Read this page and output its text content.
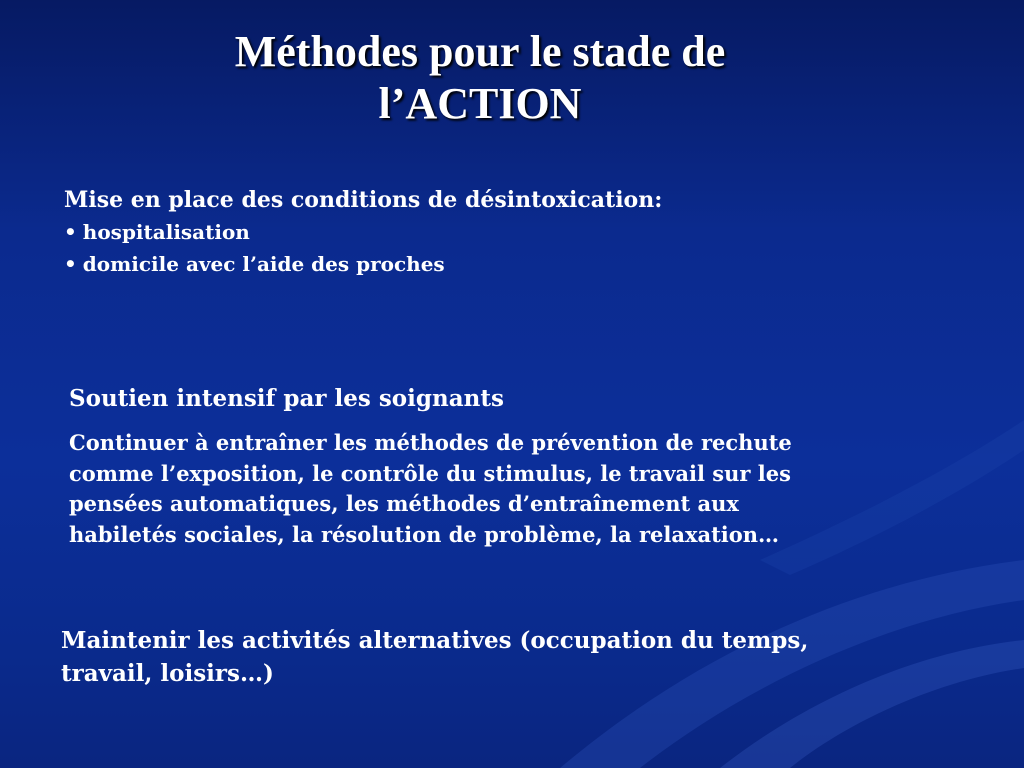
Méthodes pour le stade de
l’ACTION
Mise en place des conditions de désintoxication:
• hospitalisation
• domicile avec l’aide des proches
Soutien intensif par les soignants
Continuer à entraîner les méthodes de prévention de rechute
comme l’exposition, le contrôle du stimulus, le travail sur les
pensées automatiques, les méthodes d’entraînement aux
habiletés sociales, la résolution de problème, la relaxation…
Maintenir les activités alternatives (occupation du temps,
travail, loisirs…)
